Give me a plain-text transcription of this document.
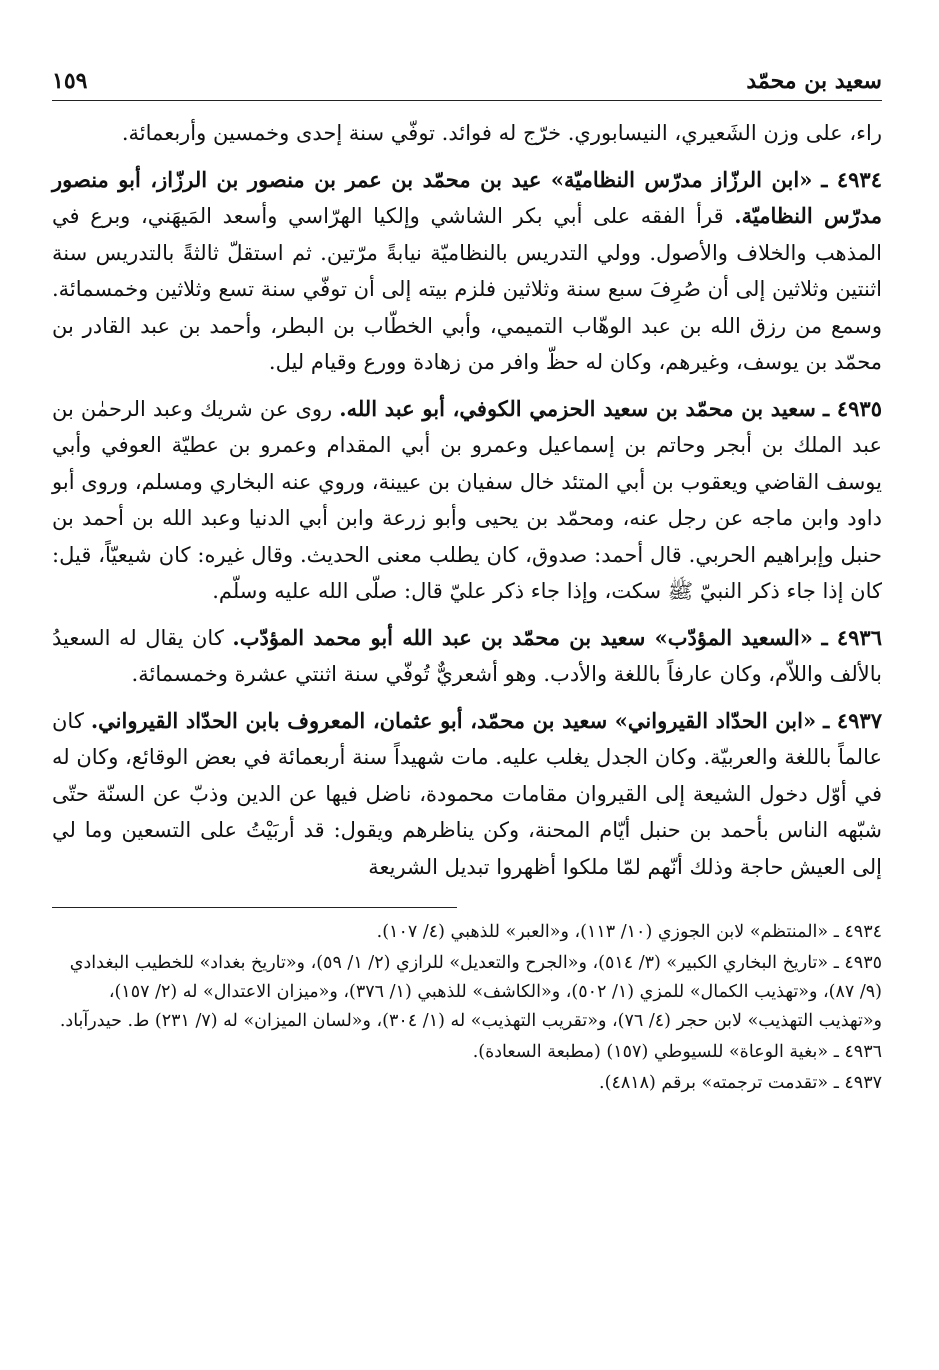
سعيد بن محمّد
١٥٩

راء، على وزن الشَعيري، النيسابوري. خرّج له فوائد. توفّي سنة إحدى وخمسين وأربعمائة.

٤٩٣٤ ـ «ابن الرزّاز مدرّس النظاميّة» عيد بن محمّد بن عمر بن منصور بن الرزّاز، أبو منصور مدرّس النظاميّة. قرأ الفقه على أبي بكر الشاشي وإلكيا الهرّاسي وأسعد المَيهَني، وبرع في المذهب والخلاف والأصول. وولي التدريس بالنظاميّة نيابةً مرّتين. ثم استقلّ ثالثةً بالتدريس سنة اثنتين وثلاثين إلى أن صُرِفَ سبع سنة وثلاثين فلزم بيته إلى أن توفّي سنة تسع وثلاثين وخمسمائة. وسمع من رزق الله بن عبد الوهّاب التميمي، وأبي الخطّاب بن البطر، وأحمد بن عبد القادر بن محمّد بن يوسف، وغيرهم، وكان له حظّ وافر من زهادة وورع وقيام ليل.

٤٩٣٥ ـ سعيد بن محمّد بن سعيد الحزمي الكوفي، أبو عبد الله. روى عن شريك وعبد الرحمٰن بن عبد الملك بن أبجر وحاتم بن إسماعيل وعمرو بن أبي المقدام وعمرو بن عطيّة العوفي وأبي يوسف القاضي ويعقوب بن أبي المتئد خال سفيان بن عيينة، وروي عنه البخاري ومسلم، وروى أبو داود وابن ماجه عن رجل عنه، ومحمّد بن يحيى وأبو زرعة وابن أبي الدنيا وعبد الله بن أحمد بن حنبل وإبراهيم الحربي. قال أحمد: صدوق، كان يطلب معنى الحديث. وقال غيره: كان شيعيّاً، قيل: كان إذا جاء ذكر النبيّ ﷺ سكت، وإذا جاء ذكر عليّ قال: صلّى الله عليه وسلّم.

٤٩٣٦ ـ «السعيد المؤدّب» سعيد بن محمّد بن عبد الله أبو محمد المؤدّب. كان يقال له السعيدُ بالألف واللاّم، وكان عارفاً باللغة والأدب. وهو أشعريٌّ تُوفّي سنة اثنتي عشرة وخمسمائة.

٤٩٣٧ ـ «ابن الحدّاد القيرواني» سعيد بن محمّد، أبو عثمان، المعروف بابن الحدّاد القيرواني. كان عالماً باللغة والعربيّة. وكان الجدل يغلب عليه. مات شهيداً سنة أربعمائة في بعض الوقائع، وكان له في أوّل دخول الشيعة إلى القيروان مقامات محمودة، ناضل فيها عن الدين وذبّ عن السنّة حتّى شبّهه الناس بأحمد بن حنبل أيّام المحنة، وكن يناظرهم ويقول: قد أربَيْتُ على التسعين وما لي إلى العيش حاجة وذلك أنّهم لمّا ملكوا أظهروا تبديل الشريعة

٤٩٣٤ ـ «المنتظم» لابن الجوزي (١٠/ ١١٣)، و«العبر» للذهبي (٤/ ١٠٧).

٤٩٣٥ ـ «تاريخ البخاري الكبير» (٣/ ٥١٤)، و«الجرح والتعديل» للرازي (٢/ ١/ ٥٩)، و«تاريخ بغداد» للخطيب البغدادي (٩/ ٨٧)، و«تهذيب الكمال» للمزي (١/ ٥٠٢)، و«الكاشف» للذهبي (١/ ٣٧٦)، و«ميزان الاعتدال» له (٢/ ١٥٧)، و«تهذيب التهذيب» لابن حجر (٤/ ٧٦)، و«تقريب التهذيب» له (١/ ٣٠٤)، و«لسان الميزان» له (٧/ ٢٣١) ط. حيدرآباد.

٤٩٣٦ ـ «بغية الوعاة» للسيوطي (١٥٧) (مطبعة السعادة).

٤٩٣٧ ـ «تقدمت ترجمته» برقم (٤٨١٨).
